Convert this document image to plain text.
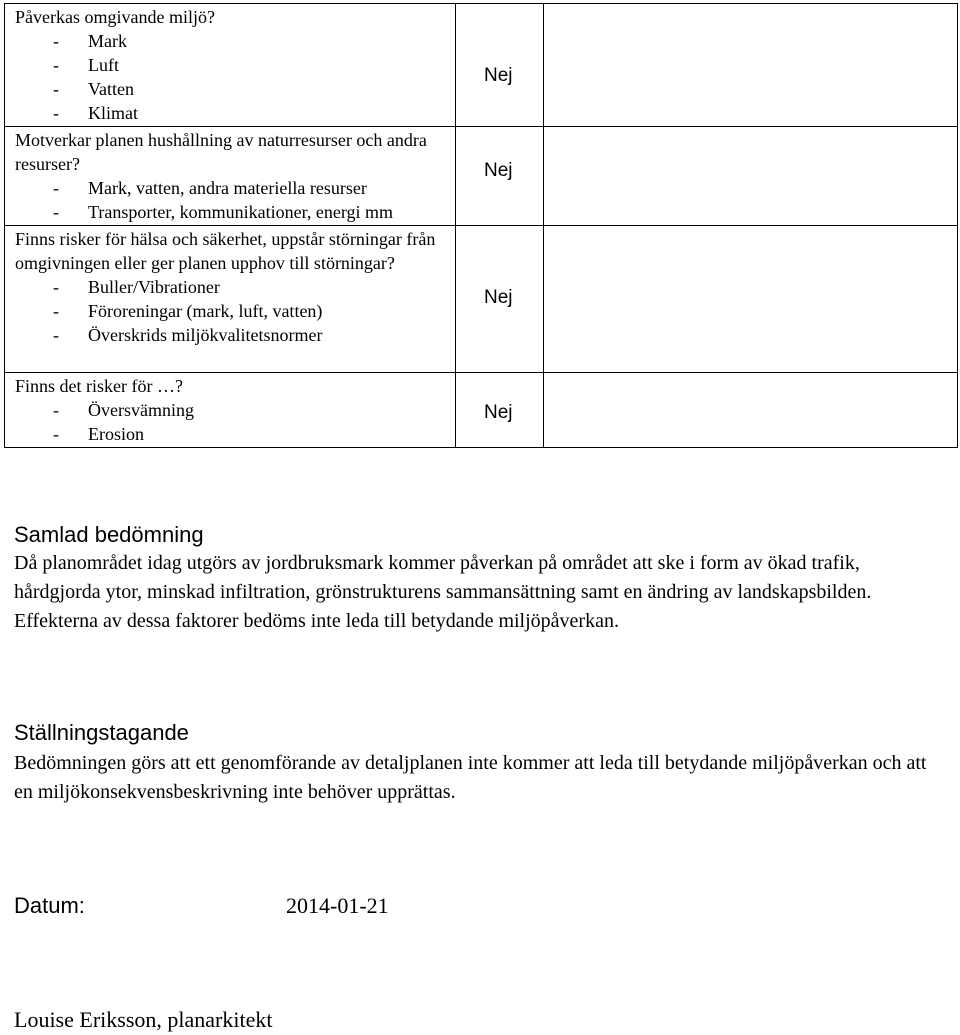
Påverkas omgivande miljö?
- Mark
- Luft
- Vatten
- Klimat	Nej	

Motverkar planen hushållning av naturresurser och andra resurser?
- Mark, vatten, andra materiella resurser
- Transporter, kommunikationer, energi mm	Nej	

Finns risker för hälsa och säkerhet, uppstår störningar från omgivningen eller ger planen upphov till störningar?
- Buller/Vibrationer
- Föroreningar (mark, luft, vatten)
- Överskrids miljökvalitetsnormer	Nej	

Finns det risker för …?
- Översvämning
- Erosion	Nej	

Samlad bedömning
Då planområdet idag utgörs av jordbruksmark kommer påverkan på området att ske i form av ökad trafik, hårdgjorda ytor, minskad infiltration, grönstrukturens sammansättning samt en ändring av landskapsbilden. Effekterna av dessa faktorer bedöms inte leda till betydande miljöpåverkan.
Ställningstagande
Bedömningen görs att ett genomförande av detaljplanen inte kommer att leda till betydande miljöpåverkan och att en miljökonsekvensbeskrivning inte behöver upprättas.
Datum:	2014-01-21
Louise Eriksson, planarkitekt
